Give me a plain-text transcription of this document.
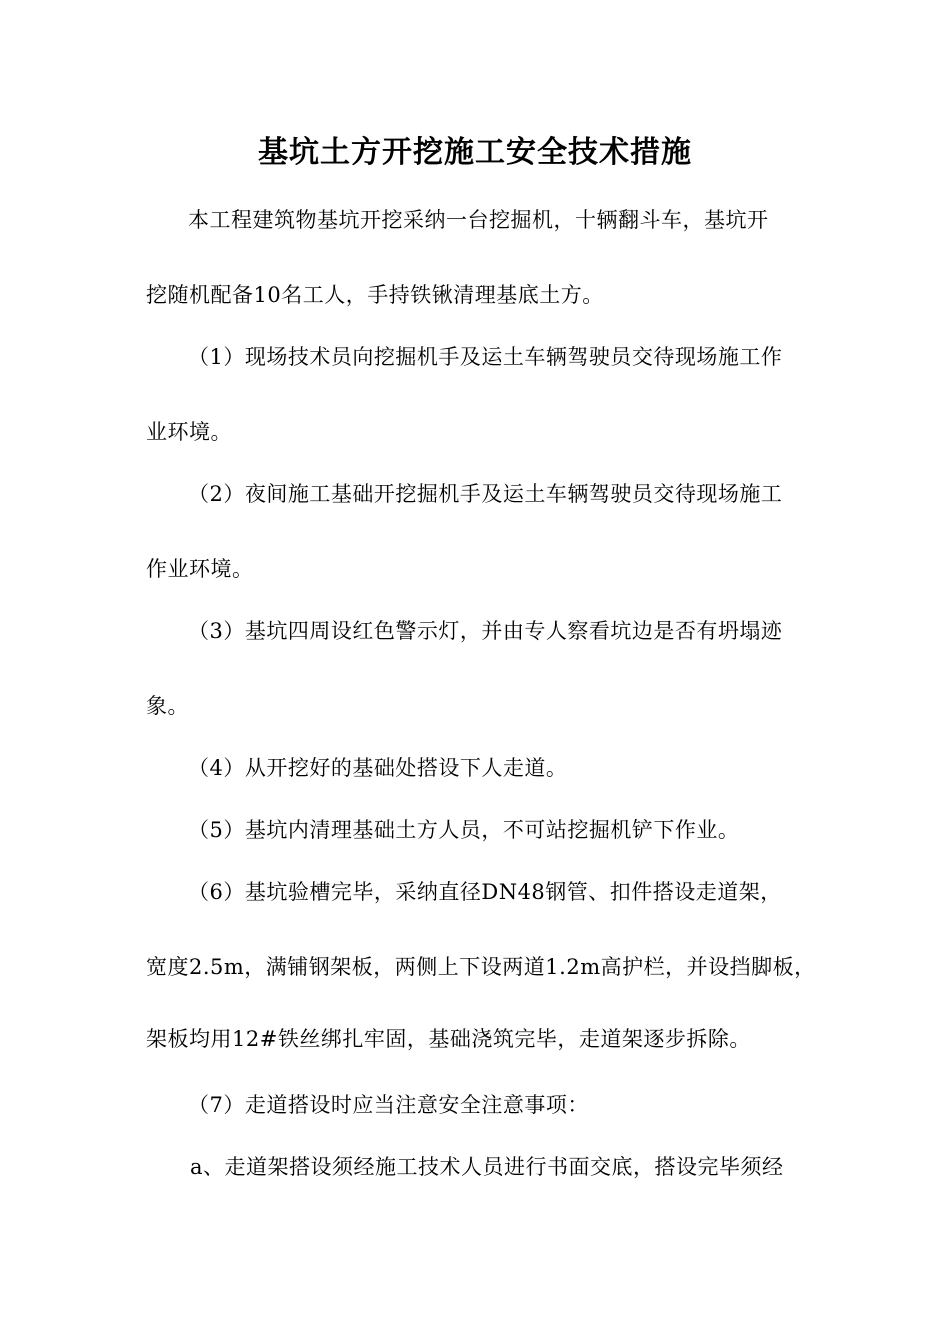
基坑土方开挖施工安全技术措施
本工程建筑物基坑开挖采纳一台挖掘机，十辆翻斗车，基坑开
挖随机配备10名工人，手持铁锹清理基底土方。
（1）现场技术员向挖掘机手及运土车辆驾驶员交待现场施工作
业环境。
（2）夜间施工基础开挖掘机手及运土车辆驾驶员交待现场施工
作业环境。
（3）基坑四周设红色警示灯，并由专人察看坑边是否有坍塌迹
象。
（4）从开挖好的基础处搭设下人走道。
（5）基坑内清理基础土方人员，不可站挖掘机铲下作业。
（6）基坑验槽完毕，采纳直径DN48钢管、扣件搭设走道架，
宽度2.5m，满铺钢架板，两侧上下设两道1.2m高护栏，并设挡脚板，
架板均用12#铁丝绑扎牢固，基础浇筑完毕，走道架逐步拆除。
（7）走道搭设时应当注意安全注意事项：
a、走道架搭设须经施工技术人员进行书面交底，搭设完毕须经
